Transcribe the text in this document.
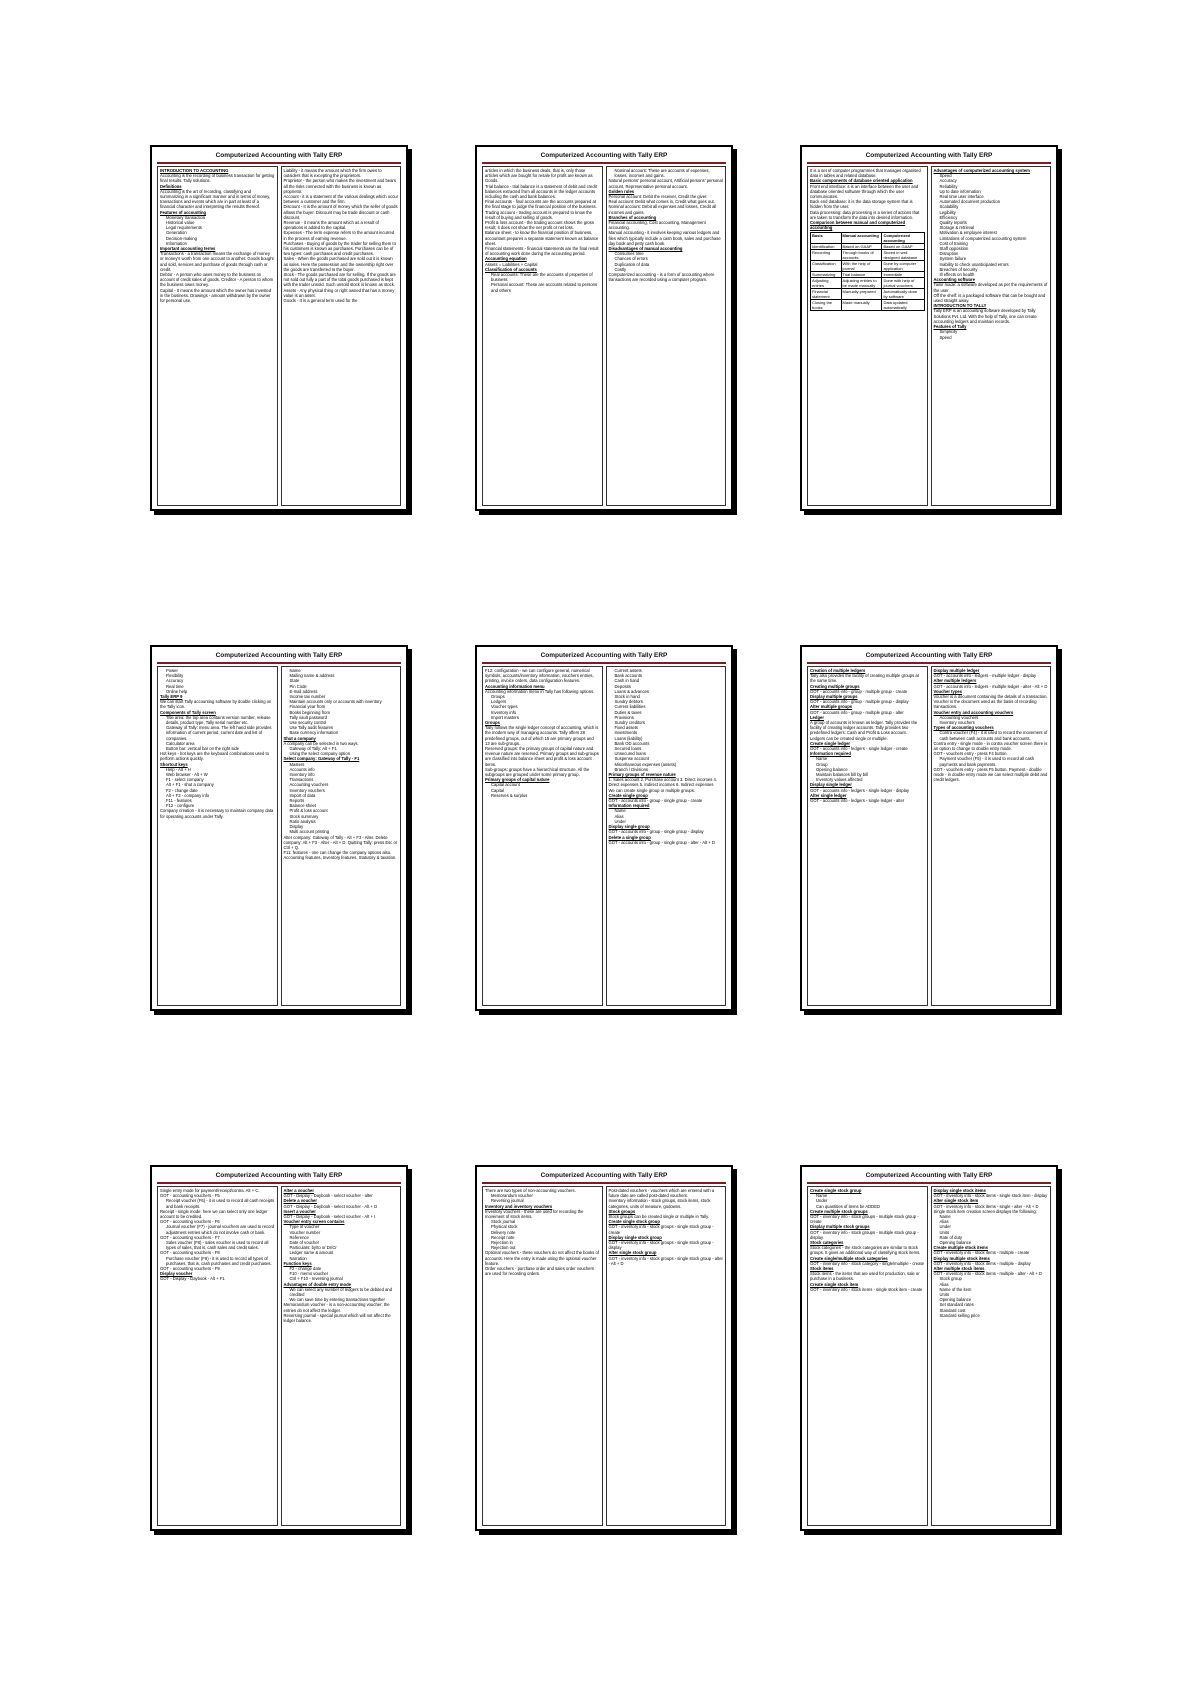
Computerized Accounting with Tally ERP
INTRODUCTION TO ACCOUNTING
Accounting is the recording of business transaction for getting final results. Tally solutions.
Definitions
Accounting is the art of recording, classifying and summarizing in a significant manner and in terms of money, transactions and events which are in part at least of a financial character and interpreting the results thereof.
Features of accounting
• Monetary transaction
• Historical value
• Legal requirements
• Generation
• Decision-making
• Information
Important accounting terms
Transactions - a transaction means the exchange of money or money's worth from one account to another. Goods bought and sold, services and purchase of goods through cash or credit.
Debtor - A person who owes money to the business on account of credit sales of goods. Creditor - A person to whom the business owes money.
Capital - It means the amount which the owner has invested in the business. Drawings - amount withdrawn by the owner for personal use.
Liability - it means the amount which the firm owes to outsiders that is excepting the proprietors.
Proprietor - the person who makes the investment and bears all the risks connected with the business is known as proprietor.
Account - it is a statement of the various dealings which occur between a customer and the firm.
Discount - it is the amount of money which the seller of goods allows the buyer. Discount may be trade discount or cash discount.
Revenue - it means the amount which as a result of operations is added to the capital.
Expenses - The term expense refers to the amount incurred in the process of earning revenue.
Purchases - Buying of goods by the trader for selling them to his customers is known as purchases. Purchases can be of two types: cash purchases and credit purchases.
Sales - When the goods purchased are sold out it is known as sales. Here the possession and the ownership right over the goods are transferred to the buyer.
Stock - The goods purchased are for selling. If the goods are not sold out fully a part of the total goods purchased is kept with the trader unsold. Such unsold stock is known as stock.
Assets - Any physical thing or right owned that has a money value is an asset.
Goods - It is a general term used for the
Computerized Accounting with Tally ERP
articles in which the business deals, that is, only those articles which are bought for resale for profit are known as Goods.
Trial balance - trial balance is a statement of debit and credit balances extracted from all accounts in the ledger accounts including the cash and bank balances.
Final accounts - final accounts are the accounts prepared at the final stage to judge the financial position of the business.
Trading account - trading account is prepared to know the result of buying and selling of goods.
Profit & loss account - the trading account shows the gross result; it does not show the net profit or net loss.
Balance sheet - to know the financial position of business, accountant prepares a separate statement known as balance sheet.
Financial statements - financial statements are the final result of accounting work done during the accounting period.
Accounting equation
Assets = Liabilities + Capital
Classification of accounts
• Real accounts: These are the accounts of properties of business
• Personal account: These are accounts related to persons and others
• Nominal account: These are accounts of expenses, losses, incomes and gains.
Natural persons' personal account, Artificial persons' personal account, Representative personal account.
Golden rules
Personal account: Debit the receiver, Credit the giver.
Real account: Debit what comes in, Credit what goes out.
Nominal account: Debit all expenses and losses, Credit all incomes and gains.
Branches of accounting
Financial accounting, Cost accounting, Management accounting.
Manual accounting - it involves keeping various ledgers and files which typically include a cash book, sales and purchase day book and petty cash book.
Disadvantages of manual accounting
• Consumes time
• Chances of errors
• Duplication of data
• Costly
Computerized accounting - is a form of accounting where transactions are recorded using a computer program.
Computerized Accounting with Tally ERP
It is a set of computer programmes that manages organised data in tables and related database.
Basic components of database oriented application
Front end interface: it is an interface between the user and database oriented software through which the user communicates.
Back end database: it is the data storage system that is hidden from the user.
Data processing: data processing is a series of actions that are taken to transform the data into desired information.
Comparison between manual and computerized accounting
Basis	Manual accounting	Computerized accounting
Identification	Based on GAAP	Based on GAAP
Recording	Through books of accounts	Stored in well designed database
Classification	With the help of journal	Done by computer application
Summarizing	Trial balance	Immediate
Adjusting entries	Adjusting entries to be made manually	Done with help of journal vouchers
Financial statement	Manually prepared	Automatically done by software
Closing the books	Made manually	Data updated automatically
Advantages of computerized accounting system
• Speed
• Accuracy
• Reliability
• Up to date information
• Real time user interface
• Automated document production
• Scalability
• Legibility
• Efficiency
• Quality reports
• Storage & retrieval
• Motivation & employee interest
• Limitations of computerized accounting system
• Cost of training
• Staff opposition
• Disruption
• System failure
• Inability to check unanticipated errors
• Breaches of security
• Ill effects on health
Accounting software
Tailor made: a software developed as per the requirements of the user.
Off the shelf: is a packaged software that can be bought and used straight away.
INTRODUCTION TO TALLY
Tally ERP is an accounting software developed by Tally Solutions Pvt. Ltd. With the help of Tally, one can create accounting ledgers and maintain records.
Features of Tally
• Simplicity
• Speed
Computerized Accounting with Tally ERP
• Power
• Flexibility
• Accuracy
• Real time
• Online help
Tally ERP 9
We can start Tally accounting software by double clicking on the Tally icon.
Components of Tally screen
• Title area: the top area contains version number, release details, product type, Tally serial number etc.
• Gateway of Tally: menu area. The left hand side provides information of current period, current date and list of companies.
• Calculator area
• Button bar: vertical bar on the right side
Hot keys - hot keys are the keyboard combinations used to perform actions quickly.
Shortcut keys
• Help - Alt + H
• Web browser - Alt + W
• F1 - select company
• Alt + F1 - shut a company
• F2 - change date
• Alt + F3 - company info
• F11 - features
• F12 - configure
Company creation - it is necessary to maintain company data for operating accounts under Tally.
• Name
• Mailing name & address
• State
• Pin Code
• E-mail address
• Income tax number
• Maintain accounts only or accounts with inventory
• Financial year from
• Books beginning from
• Tally vault password
• Use security control
• Use Tally audit features
• Base currency information
Shut a company
A company can be selected in two ways.
• Gateway of Tally: Alt + F1
• Using the select company option
Select company: Gateway of Tally - F1
• Masters
• Accounts info
• Inventory info
• Transactions
• Accounting vouchers
• Inventory vouchers
• Import of data
• Reports
• Balance sheet
• Profit & loss account
• Stock summary
• Ratio analysis
• Display
• Multi account printing
Alter company: Gateway of Tally - Alt + F3 - Alter. Delete company: Alt + F3 - Alter - Alt + D. Quitting Tally: press Esc or Ctrl + Q.
F11: features - one can change the company options also. Accounting features, Inventory features, Statutory & taxation.
Computerized Accounting with Tally ERP
F12: configuration - we can configure general, numerical symbols, accounts/inventory information, vouchers entries, printing, invoice orders, data configuration features.
Accounting information menu
Accounting information menu in Tally has following options.
• Groups
• Ledgers
• Voucher types
• Inventory info
• Import masters
Groups
Tally follows the single ledger concept of accounting, which is the modern way of managing accounts. Tally offers 28 predefined groups, out of which 15 are primary groups and 13 are sub-groups.
Reserved groups: the primary groups of capital nature and revenue nature are reserved. Primary groups and sub-groups are classified into balance sheet and profit & loss account items.
Sub-groups: groups have a hierarchical structure. All the subgroups are grouped under some primary group.
Primary groups of capital nature
• Capital account
• Capital
• Reserves & surplus
• Current assets
• Bank accounts
• Cash in hand
• Deposits
• Loans & advances
• Stock in hand
• Sundry debtors
• Current liabilities
• Duties & taxes
• Provisions
• Sundry creditors
• Fixed assets
• Investments
• Loans (liability)
• Bank OD accounts
• Secured loans
• Unsecured loans
• Suspense account
• Miscellaneous expenses (assets)
• Branch / Divisions
Primary groups of revenue nature
1. Sales account 2. Purchase account 3. Direct incomes 4. Direct expenses 5. Indirect incomes 6. Indirect expenses
We can create single group or multiple groups.
Create single group
GOT - accounts info - group - single group - create
Information required
• Name
• Alias
• Under
Display single group
GOT - accounts info - group - single group - display
Delete a single group
GOT - accounts info - group - single group - alter - Alt + D
Computerized Accounting with Tally ERP
Creation of multiple ledgers
Tally also provides the facility of creating multiple groups at the same time.
Creating multiple groups
GOT - accounts info - group - multiple group - create
Display multiple groups
GOT - accounts info - group - multiple group - display
Alter multiple groups
GOT - accounts info - group - multiple group - alter
Ledger
A group of accounts is known as ledger. Tally provides the facility of creating ledger accounts. Tally provides two predefined ledgers: Cash and Profit & Loss account.
Ledgers can be created single or multiple.
Create single ledger
GOT - accounts info - ledgers - single ledger - create
Information required
• Name
• Group
• Opening balance
• Maintain balances bill by bill
• Inventory values affected
Display single ledger
GOT - accounts info - ledgers - single ledger - display
Alter single ledger
GOT - accounts info - ledgers - single ledger - alter
Display multiple ledger
GOT - accounts info - ledgers - multiple ledger - display
Alter multiple ledgers
GOT - accounts info - ledgers - multiple ledger - alter - Alt + D
Voucher types
Voucher is a document containing the details of a transaction. Voucher is the document used as the basis of recording transactions.
Voucher entry and accounting vouchers
• Accounting vouchers
• Inventory vouchers
Types of accounting vouchers
• Contra voucher (F4) - it is used to record the movement of cash between cash accounts and bank accounts.
Contra entry - single mode - in contra voucher screen there is an option to change to double entry mode.
GOT - vouchers entry - press F4 button.
• Payment voucher (F5) - it is used to record all cash payments and bank payments.
GOT - vouchers entry - press F5 button. Payment - double mode - in double entry mode we can select multiple debit and credit ledgers.
Computerized Accounting with Tally ERP
Single entry mode for payment/receipt/contra. Alt + C.
GOT - accounting vouchers - F5
• Receipt voucher (F6) - it is used to record all cash receipts and bank receipts.
Receipt - single mode: here we can select only one ledger account to be credited.
GOT - accounting vouchers - F6
• Journal voucher (F7) - journal vouchers are used to record adjustment entries which do not involve cash or bank.
GOT - accounting vouchers - F7
• Sales voucher (F8) - sales voucher is used to record all types of sales, that is, cash sales and credit sales.
GOT - accounting vouchers - F8
• Purchase voucher (F9) - it is used to record all types of purchases, that is, cash purchases and credit purchases.
GOT - accounting vouchers - F9
Display voucher
GOT - Display - Daybook - Alt + F1
Alter a voucher
GOT - Display - Daybook - select voucher - alter
Delete a voucher
GOT - Display - Daybook - select voucher - Alt + D
Insert a voucher
GOT - Display - Daybook - select voucher - Alt + I
Voucher entry screen contains
• Type of voucher
• Voucher number
• Reference
• Date of voucher
• Particulars: by/to or Dr/Cr
• Ledger name & amount
• Narration
Function keys
• F2 - change date
• F10 - memo voucher
• Ctrl + F10 - reversing journal
Advantages of double entry mode
• We can select any number of ledgers to be debited and credited
• We can save time by entering transactions together
Memorandum voucher - is a non-accounting voucher; the entries do not affect the ledger.
Reversing journal - special journal which will not affect the ledger balance.
Computerized Accounting with Tally ERP
There are two types of non-accounting vouchers.
• Memorandum voucher
• Reversing journal
Inventory and inventory vouchers
Inventory vouchers - these are used for recording the movement of stock items.
• Stock journal
• Physical stock
• Delivery note
• Receipt note
• Rejection in
• Rejection out
Optional vouchers - these vouchers do not affect the books of accounts. Here the entry is made using the optional voucher feature.
Order vouchers - purchase order and sales order vouchers are used for recording orders.
Post-dated vouchers - vouchers which are entered with a future date are called post-dated vouchers.
Inventory information - stock groups, stock items, stock categories, units of measure, godowns.
Stock groups
Stock groups can be created single or multiple in Tally.
Create single stock group
GOT - inventory info - stock groups - single stock group - create
Display single stock group
GOT - inventory info - stock groups - single stock group - display
Alter single stock group
GOT - inventory info - stock groups - single stock group - alter - Alt + D
Computerized Accounting with Tally ERP
Create single stock group
• Name
• Under
• Can quantities of items be ADDED
Create multiple stock groups
GOT - inventory info - stock groups - multiple stock group - create
Display multiple stock groups
GOT - inventory info - stock groups - multiple stock group - display
Stock categories
Stock categories - the stock categories are similar to stock groups. It gives an additional way of classifying stock items.
Create single/multiple stock categories
GOT - inventory info - stock category - single/multiple - create
Stock items
Stock items - the items that are used for production, sale or purchase in a business.
Create single stock item
GOT - inventory info - stock items - single stock item - create
Display single stock items
GOT - inventory info - stock items - single stock item - display
Alter single stock item
GOT - inventory info - stock items - single - alter - Alt + D
Single stock item creation screen displays the following:
• Name
• Alias
• Under
• Units
• Rate of duty
• Opening balance
Create multiple stock items
GOT - inventory info - stock items - multiple - create
Display multiple stock items
GOT - inventory info - stock items - multiple - display
Alter multiple stock items
GOT - inventory info - stock items - multiple - alter - Alt + D
• Stock group
• Alias
• Name of the item
• Units
• Opening balance
• Set standard rates
• Standard cost
• Standard selling price
